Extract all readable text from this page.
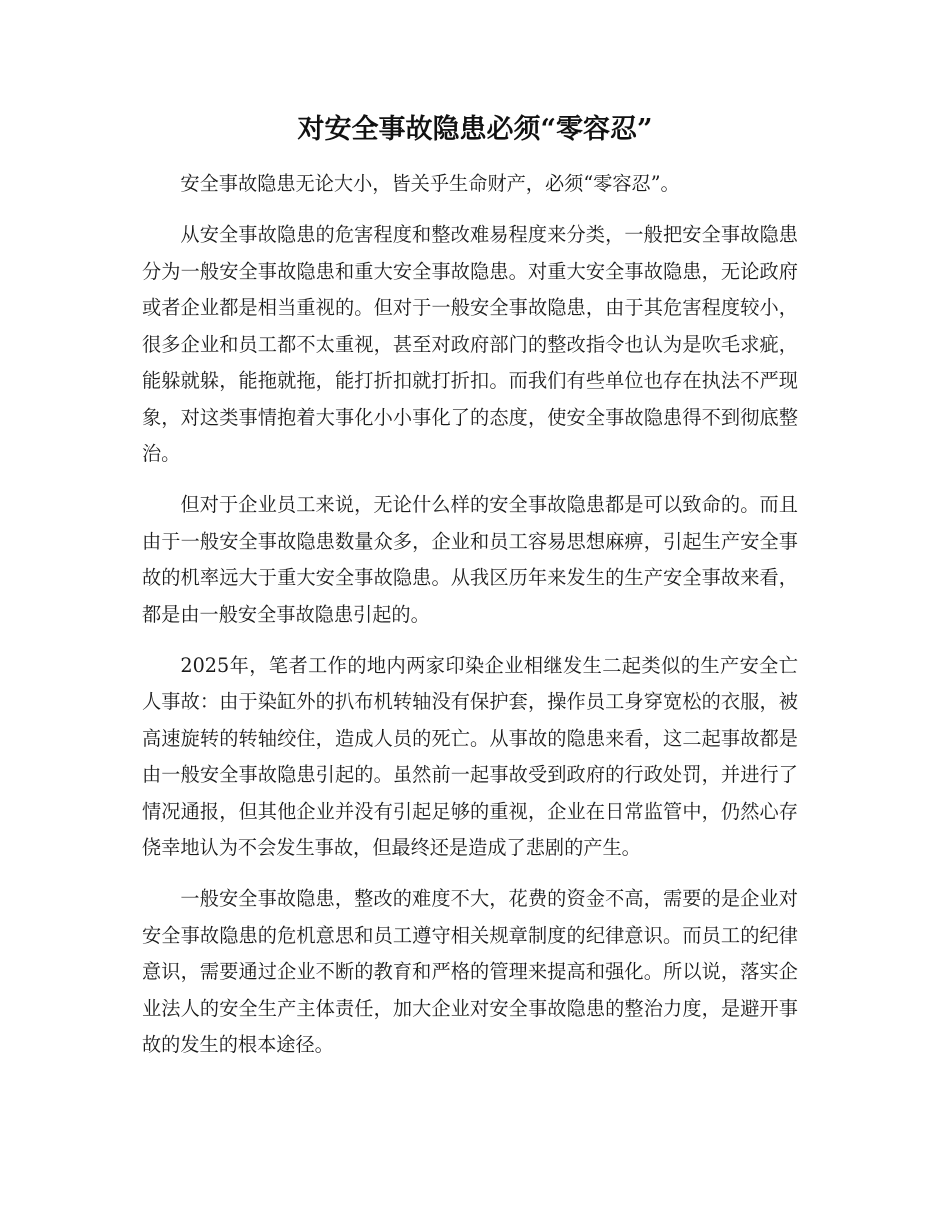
对安全事故隐患必须“零容忍”

安全事故隐患无论大小，皆关乎生命财产，必须“零容忍”。

从安全事故隐患的危害程度和整改难易程度来分类，一般把安全事故隐患分为一般安全事故隐患和重大安全事故隐患。对重大安全事故隐患，无论政府或者企业都是相当重视的。但对于一般安全事故隐患，由于其危害程度较小，很多企业和员工都不太重视，甚至对政府部门的整改指令也认为是吹毛求疵，能躲就躲，能拖就拖，能打折扣就打折扣。而我们有些单位也存在执法不严现象，对这类事情抱着大事化小小事化了的态度，使安全事故隐患得不到彻底整治。

但对于企业员工来说，无论什么样的安全事故隐患都是可以致命的。而且由于一般安全事故隐患数量众多，企业和员工容易思想麻痹，引起生产安全事故的机率远大于重大安全事故隐患。从我区历年来发生的生产安全事故来看，都是由一般安全事故隐患引起的。

2025年，笔者工作的地内两家印染企业相继发生二起类似的生产安全亡人事故：由于染缸外的扒布机转轴没有保护套，操作员工身穿宽松的衣服，被高速旋转的转轴绞住，造成人员的死亡。从事故的隐患来看，这二起事故都是由一般安全事故隐患引起的。虽然前一起事故受到政府的行政处罚，并进行了情况通报，但其他企业并没有引起足够的重视，企业在日常监管中，仍然心存侥幸地认为不会发生事故，但最终还是造成了悲剧的产生。

一般安全事故隐患，整改的难度不大，花费的资金不高，需要的是企业对安全事故隐患的危机意思和员工遵守相关规章制度的纪律意识。而员工的纪律意识，需要通过企业不断的教育和严格的管理来提高和强化。所以说，落实企业法人的安全生产主体责任，加大企业对安全事故隐患的整治力度，是避开事故的发生的根本途径。
